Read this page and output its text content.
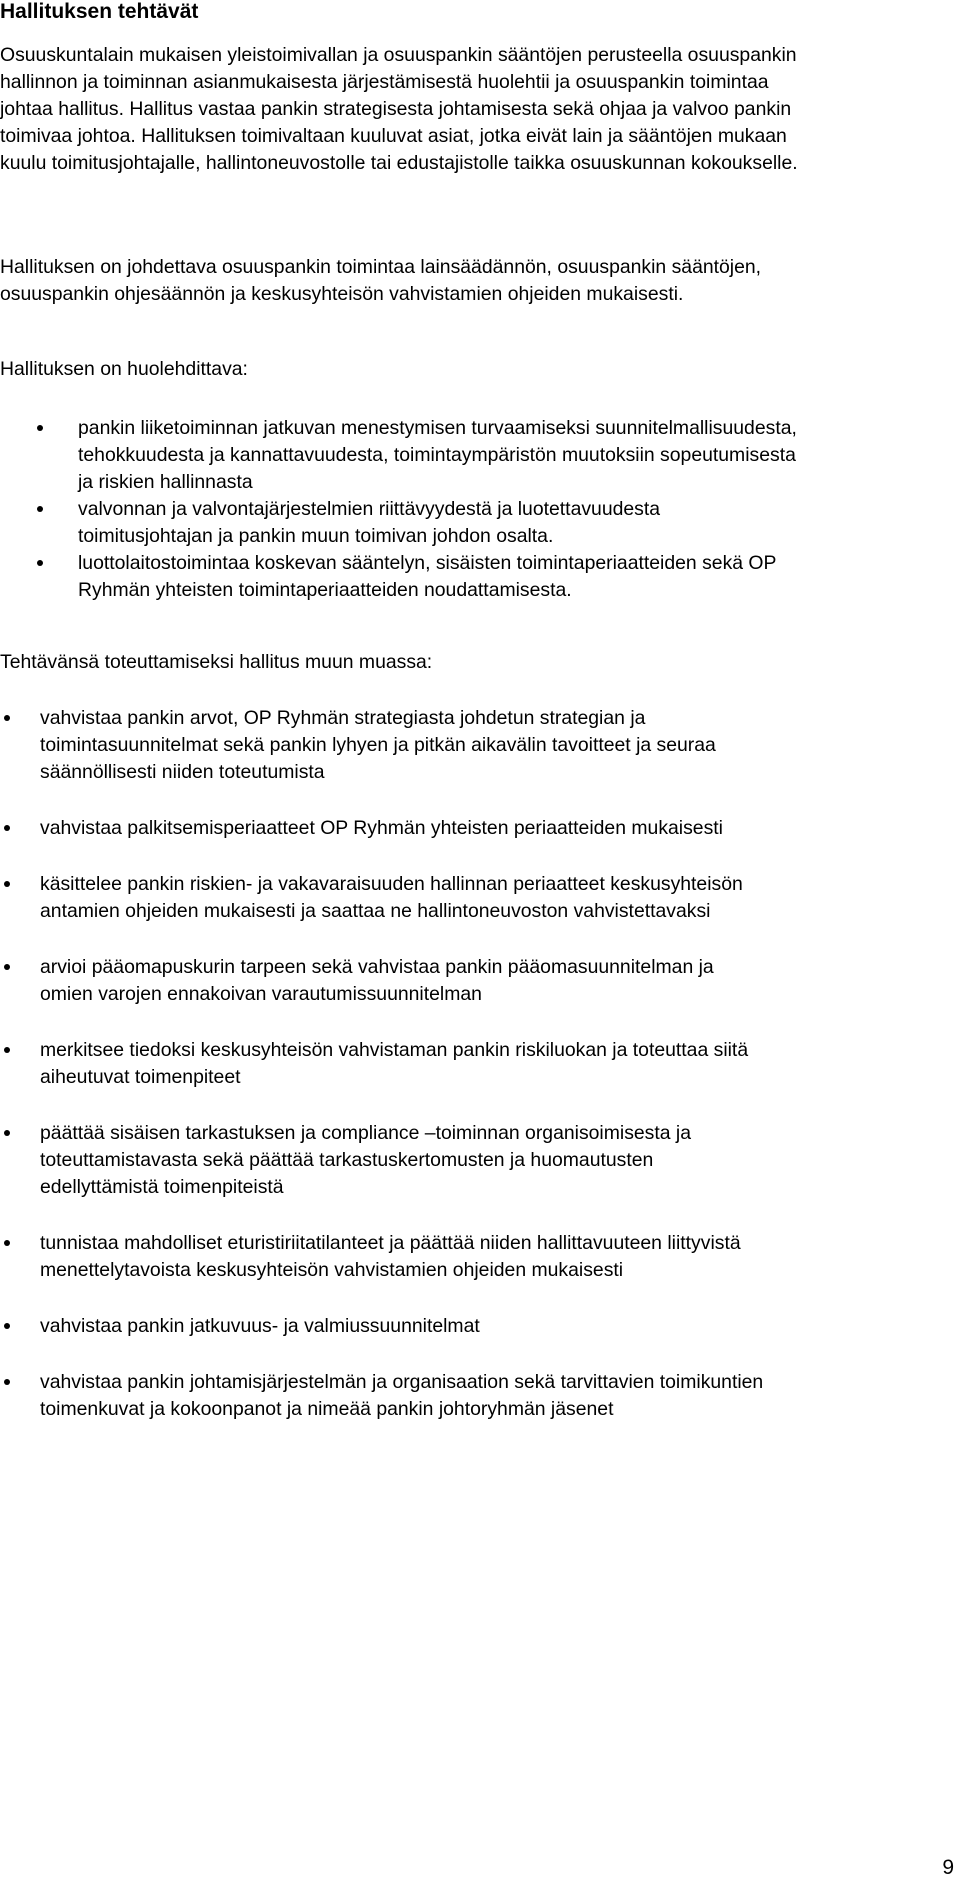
Hallituksen tehtävät

Osuuskuntalain mukaisen yleistoimivallan ja osuuspankin sääntöjen perusteella osuuspankin hallinnon ja toiminnan asianmukaisesta järjestämisestä huolehtii ja osuuspankin toimintaa johtaa hallitus. Hallitus vastaa pankin strategisesta johtamisesta sekä ohjaa ja valvoo pankin toimivaa johtoa. Hallituksen toimivaltaan kuuluvat asiat, jotka eivät lain ja sääntöjen mukaan kuulu toimitusjohtajalle, hallintoneuvostolle tai edustajistolle taikka osuuskunnan kokoukselle.

Hallituksen on johdettava osuuspankin toimintaa lainsäädännön, osuuspankin sääntöjen, osuuspankin ohjesäännön ja keskusyhteisön vahvistamien ohjeiden mukaisesti.

Hallituksen on huolehdittava:

pankin liiketoiminnan jatkuvan menestymisen turvaamiseksi suunnitelmallisuudesta, tehokkuudesta ja kannattavuudesta, toimintaympäristön muutoksiin sopeutumisesta ja riskien hallinnasta
valvonnan ja valvontajärjestelmien riittävyydestä ja luotettavuudesta toimitusjohtajan ja pankin muun toimivan johdon osalta.
luottolaitostoimintaa koskevan sääntelyn, sisäisten toimintaperiaatteiden sekä OP Ryhmän yhteisten toimintaperiaatteiden noudattamisesta.

Tehtävänsä toteuttamiseksi hallitus muun muassa:

vahvistaa pankin arvot, OP Ryhmän strategiasta johdetun strategian ja toimintasuunnitelmat sekä pankin lyhyen ja pitkän aikavälin tavoitteet ja seuraa säännöllisesti niiden toteutumista
vahvistaa palkitsemisperiaatteet OP Ryhmän yhteisten periaatteiden mukaisesti
käsittelee pankin riskien- ja vakavaraisuuden hallinnan periaatteet keskusyhteisön antamien ohjeiden mukaisesti ja saattaa ne hallintoneuvoston vahvistettavaksi
arvioi pääomapuskurin tarpeen sekä vahvistaa pankin pääomasuunnitelman ja omien varojen ennakoivan varautumissuunnitelman
merkitsee tiedoksi keskusyhteisön vahvistaman pankin riskiluokan ja toteuttaa siitä aiheutuvat toimenpiteet
päättää sisäisen tarkastuksen ja compliance –toiminnan organisoimisesta ja toteuttamistavasta sekä päättää tarkastuskertomusten ja huomautusten edellyttämistä toimenpiteistä
tunnistaa mahdolliset eturistiriitatilanteet ja päättää niiden hallittavuuteen liittyvistä menettelytavoista keskusyhteisön vahvistamien ohjeiden mukaisesti
vahvistaa pankin jatkuvuus- ja valmiussuunnitelmat
vahvistaa pankin johtamisjärjestelmän ja organisaation sekä tarvittavien toimikuntien toimenkuvat ja kokoonpanot ja nimeää pankin johtoryhmän jäsenet
9
